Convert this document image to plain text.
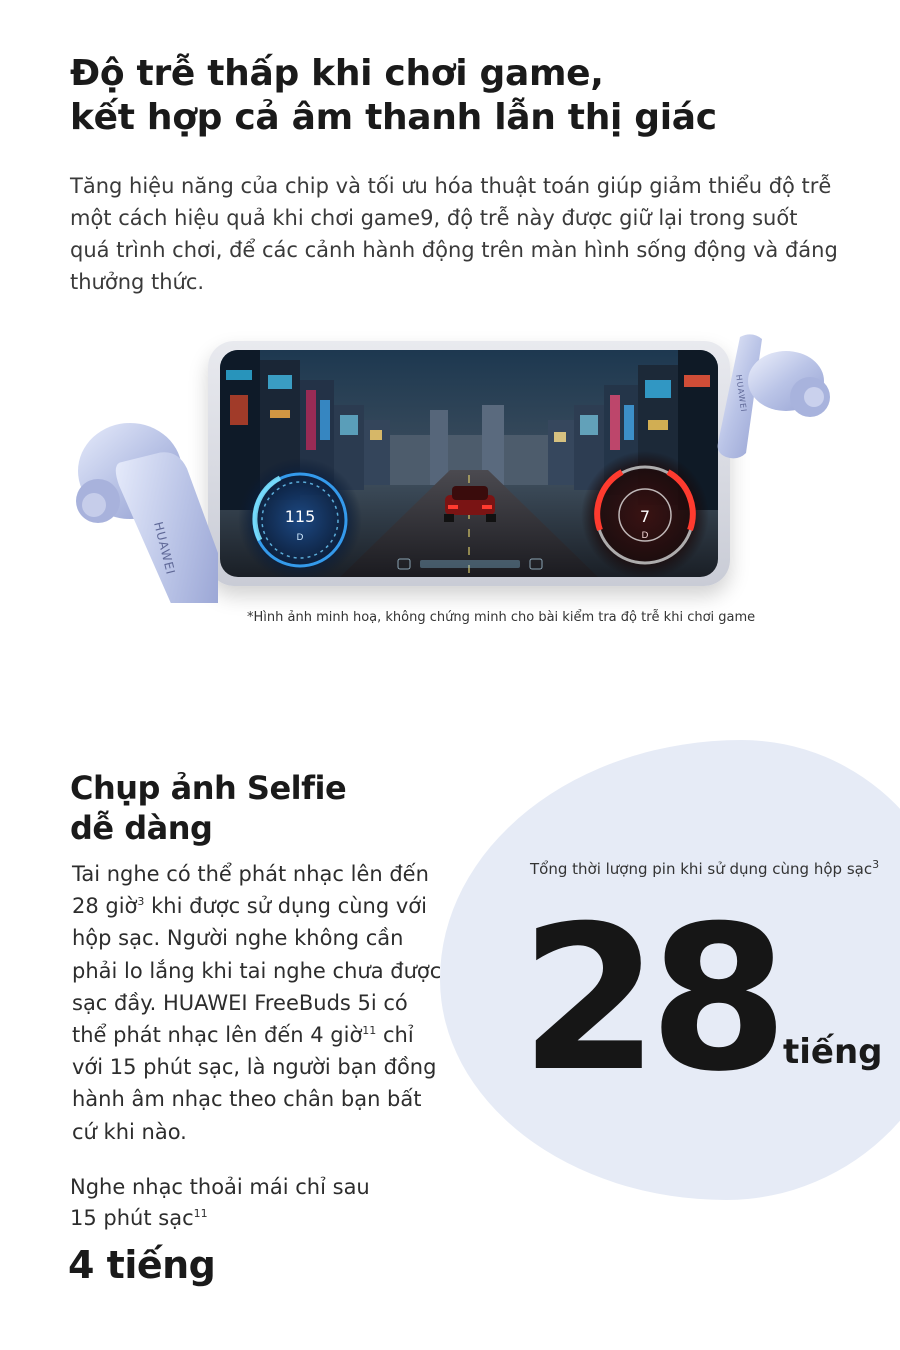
Độ trễ thấp khi chơi game,
kết hợp cả âm thanh lẫn thị giác

Tăng hiệu năng của chip và tối ưu hóa thuật toán giúp giảm thiểu độ trễ một cách hiệu quả khi chơi game9, độ trễ này được giữ lại trong suốt quá trình chơi, để các cảnh hành động trên màn hình sống động và đáng thưởng thức.

115
D
7
D
HUAWEI
HUAWEI

*Hình ảnh minh hoạ, không chứng minh cho bài kiểm tra độ trễ khi chơi game

Chụp ảnh Selfie
dễ dàng

Tai nghe có thể phát nhạc lên đến 28 giờ$^3$ khi được sử dụng cùng với hộp sạc. Người nghe không cần phải lo lắng khi tai nghe chưa được sạc đầy. HUAWEI FreeBuds 5i có thể phát nhạc lên đến 4 giờ$^{11}$ chỉ với 15 phút sạc, là người bạn đồng hành âm nhạc theo chân bạn bất cứ khi nào.

Nghe nhạc thoải mái chỉ sau 15 phút sạc$^{11}$

4 tiếng

Tổng thời lượng pin khi sử dụng cùng hộp sạc$^3$

28 tiếng
